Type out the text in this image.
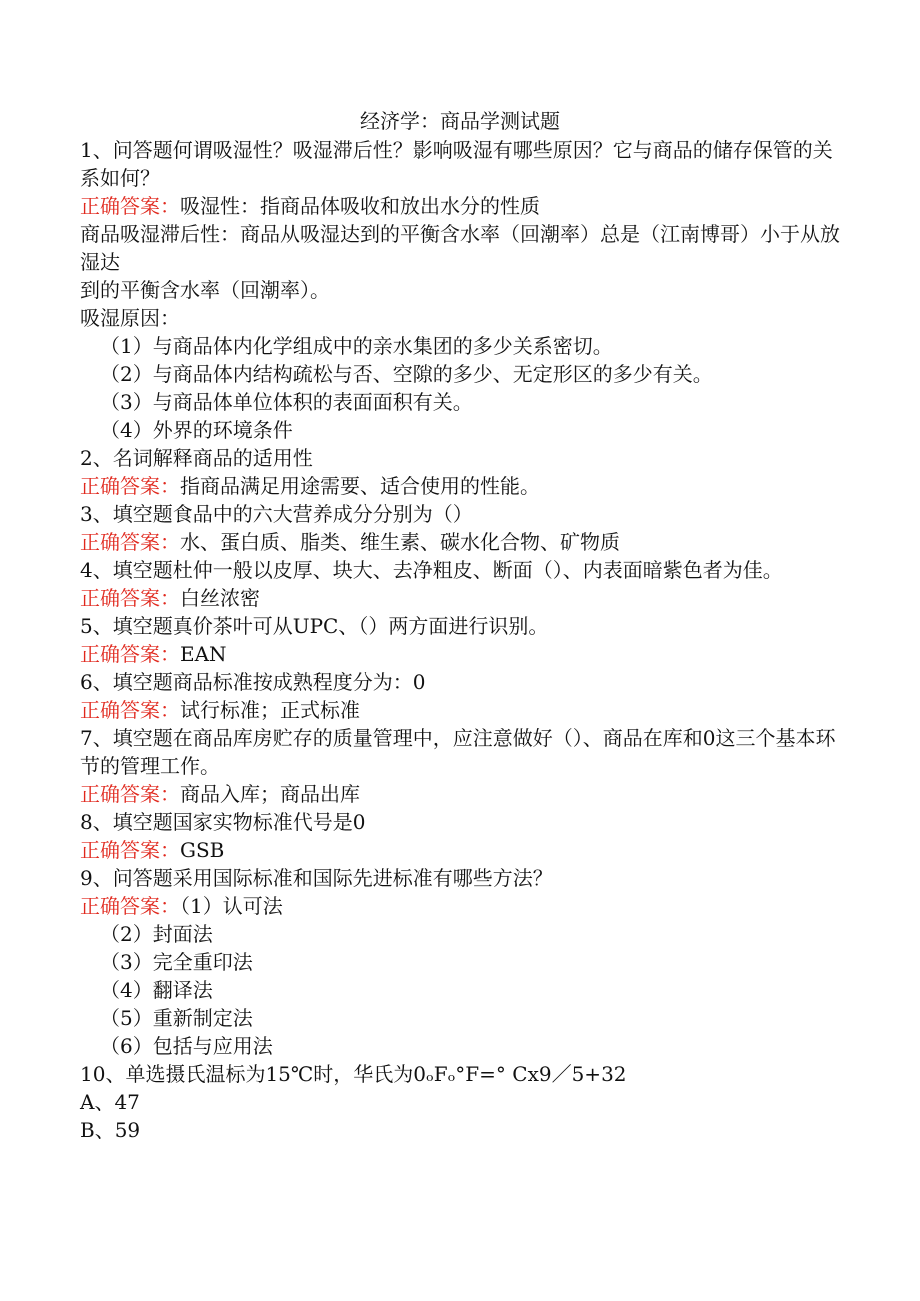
经济学：商品学测试题
1、问答题何谓吸湿性？吸湿滞后性？影响吸湿有哪些原因？它与商品的储存保管的关系如何？
正确答案：吸湿性：指商品体吸收和放出水分的性质
商品吸湿滞后性：商品从吸湿达到的平衡含水率（回潮率）总是（江南博哥）小于从放湿达
到的平衡含水率（回潮率）。
吸湿原因：
（1）与商品体内化学组成中的亲水集团的多少关系密切。
（2）与商品体内结构疏松与否、空隙的多少、无定形区的多少有关。
（3）与商品体单位体积的表面面积有关。
（4）外界的环境条件
2、名词解释商品的适用性
正确答案：指商品满足用途需要、适合使用的性能。
3、填空题食品中的六大营养成分分别为（）
正确答案：水、蛋白质、脂类、维生素、碳水化合物、矿物质
4、填空题杜仲一般以皮厚、块大、去净粗皮、断面（）、内表面暗紫色者为佳。
正确答案：白丝浓密
5、填空题真价茶叶可从UPC、（）两方面进行识别。
正确答案：EAN
6、填空题商品标准按成熟程度分为：0
正确答案：试行标准；正式标准
7、填空题在商品库房贮存的质量管理中，应注意做好（）、商品在库和0这三个基本环节的管理工作。
正确答案：商品入库；商品出库
8、填空题国家实物标准代号是0
正确答案：GSB
9、问答题采用国际标准和国际先进标准有哪些方法？
正确答案：（1）认可法
（2）封面法
（3）完全重印法
（4）翻译法
（5）重新制定法
（6）包括与应用法
10、单选摄氏温标为15℃时，华氏为0ₒFₒ°F=° Cx9／5+32
A、47
B、59
